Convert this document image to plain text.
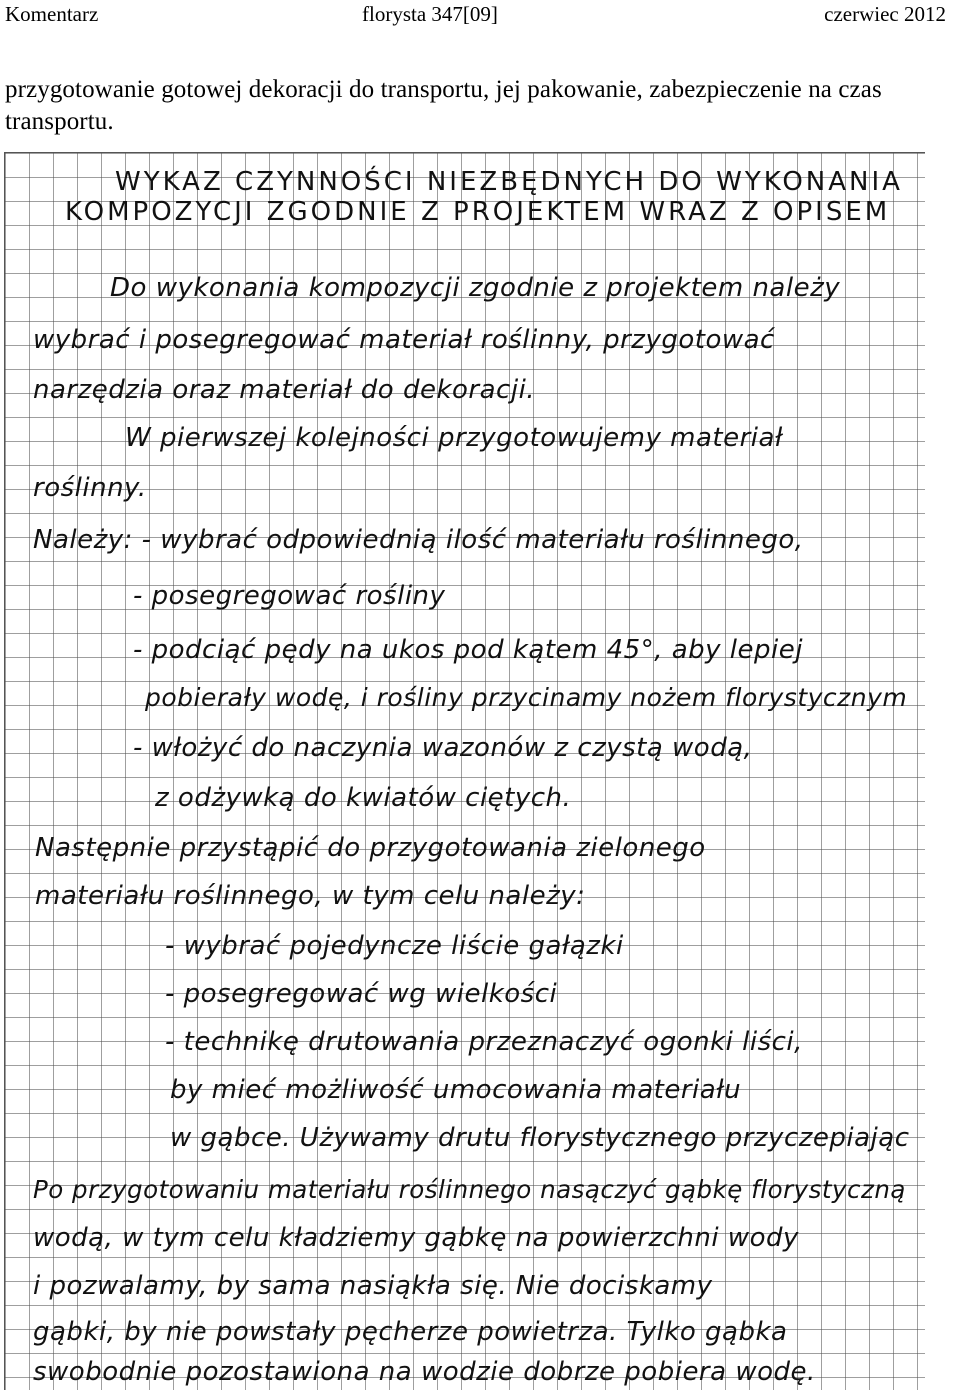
Komentarz	florysta 347[09]	czerwiec 2012
przygotowanie gotowej dekoracji do transportu, jej pakowanie, zabezpieczenie na czas transportu.
WYKAZ CZYNNOŚCI NIEZBĘDNYCH DO WYKONANIA
KOMPOZYCJI ZGODNIE Z PROJEKTEM WRAZ Z OPISEM
Do wykonania kompozycji zgodnie z projektem należy
wybrać i posegregować materiał roślinny, przygotować
narzędzia oraz materiał do dekoracji.
W pierwszej kolejności przygotowujemy materiał
roślinny.
Należy: - wybrać odpowiednią ilość materiału roślinnego,
- posegregować rośliny
- podciąć pędy na ukos pod kątem 45°, aby lepiej
pobierały wodę, i rośliny przycinamy nożem florystycznym
- włożyć do naczynia wazonów z czystą wodą,
z odżywką do kwiatów ciętych.
Następnie przystąpić do przygotowania zielonego
materiału roślinnego, w tym celu należy:
- wybrać pojedyncze liście gałązki
- posegregować wg wielkości
- technikę drutowania przeznaczyć ogonki liści,
by mieć możliwość umocowania materiału
w gąbce. Używamy drutu florystycznego przyczepiając
Po przygotowaniu materiału roślinnego nasączyć gąbkę florystyczną
wodą, w tym celu kładziemy gąbkę na powierzchni wody
i pozwalamy, by sama nasiąkła się. Nie dociskamy
gąbki, by nie powstały pęcherze powietrza. Tylko gąbka
swobodnie pozostawiona na wodzie dobrze pobiera wodę.
